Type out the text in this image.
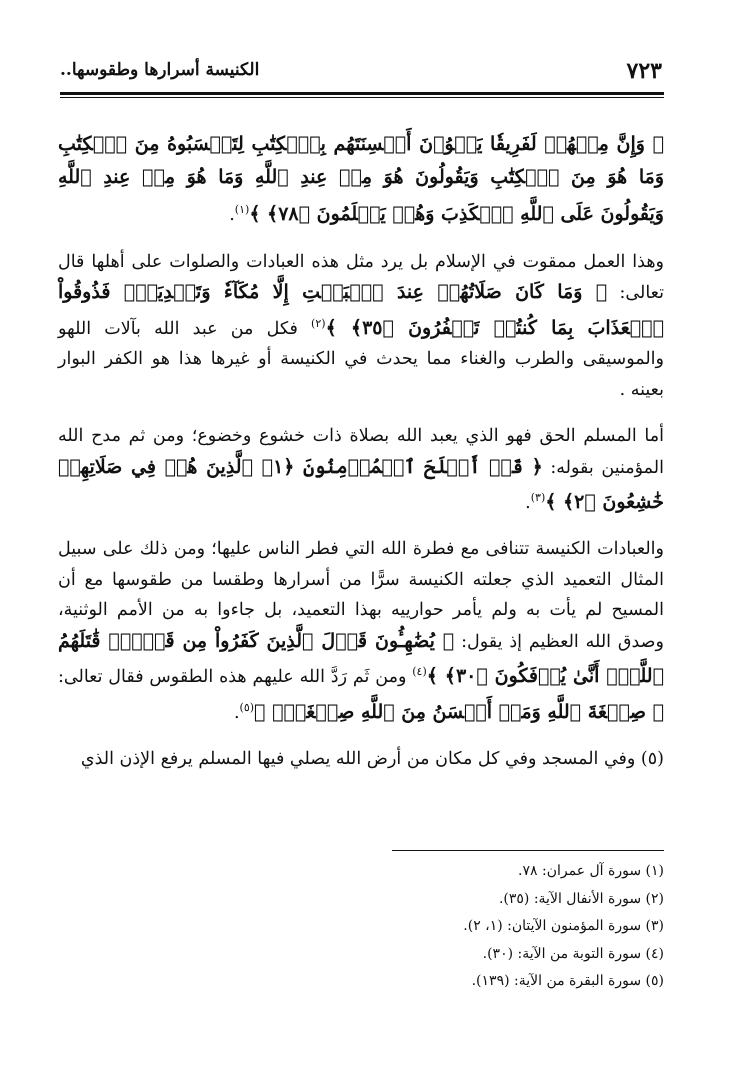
٧٢٣
الكنيسة أسرارها وطقوسها..

﴿ وَإِنَّ مِنۡهُمۡ لَفَرِيقٗا يَلۡوُۥنَ أَلۡسِنَتَهُم بِٱلۡكِتَٰبِ لِتَحۡسَبُوهُ مِنَ ٱلۡكِتَٰبِ وَمَا هُوَ مِنَ ٱلۡكِتَٰبِ وَيَقُولُونَ هُوَ مِنۡ عِندِ ٱللَّهِ وَمَا هُوَ مِنۡ عِندِ ٱللَّهِ وَيَقُولُونَ عَلَى ٱللَّهِ ٱلۡكَذِبَ وَهُمۡ يَعۡلَمُونَ ﴿٧٨﴾ ﴾$^{(١)}$.

وهذا العمل ممقوت في الإسلام بل يرد مثل هذه العبادات والصلوات على أهلها قال تعالى: ﴿ وَمَا كَانَ صَلَاتُهُمۡ عِندَ ٱلۡبَيۡتِ إِلَّا مُكَآءٗ وَتَصۡدِيَةٗۚ فَذُوقُواْ ٱلۡعَذَابَ بِمَا كُنتُمۡ تَكۡفُرُونَ ﴿٣٥﴾ ﴾$^{(٢)}$ فكل من عبد الله بآلات اللهو والموسيقى والطرب والغناء مما يحدث في الكنيسة أو غيرها هذا هو الكفر البوار بعينه .

أما المسلم الحق فهو الذي يعبد الله بصلاة ذات خشوع وخضوع؛ ومن ثم مدح الله المؤمنين بقوله: ﴿ قَدۡ أَفۡلَحَ ٱلۡمُؤۡمِنُونَ ﴿١﴾ ٱلَّذِينَ هُمۡ فِي صَلَاتِهِمۡ خَٰشِعُونَ ﴿٢﴾ ﴾$^{(٣)}$.

والعبادات الكنيسة تتنافى مع فطرة الله التي فطر الناس عليها؛ ومن ذلك على سبيل المثال التعميد الذي جعلته الكنيسة سرًّا من أسرارها وطقسا من طقوسها مع أن المسيح لم يأت به ولم يأمر حوارييه بهذا التعميد، بل جاءوا به من الأمم الوثنية، وصدق الله العظيم إذ يقول: ﴿ يُضَٰهِـُٔونَ قَوۡلَ ٱلَّذِينَ كَفَرُواْ مِن قَبۡلُۚ قَٰتَلَهُمُ ٱللَّهُۖ أَنَّىٰ يُؤۡفَكُونَ ﴿٣٠﴾ ﴾$^{(٤)}$ ومن ثَم رَدَّ الله عليهم هذه الطقوس فقال تعالى: ﴿ صِبۡغَةَ ٱللَّهِ وَمَنۡ أَحۡسَنُ مِنَ ٱللَّهِ صِبۡغَةٗۖ ﴾$^{(٥)}$.

(٥) وفي المسجد وفي كل مكان من أرض الله يصلي فيها المسلم يرفع الإذن الذي

(١) سورة آل عمران: ٧٨.
(٢) سورة الأنفال الآية: (٣٥).
(٣) سورة المؤمنون الآيتان: (١، ٢).
(٤) سورة التوبة من الآية: (٣٠).
(٥) سورة البقرة من الآية: (١٣٩).
